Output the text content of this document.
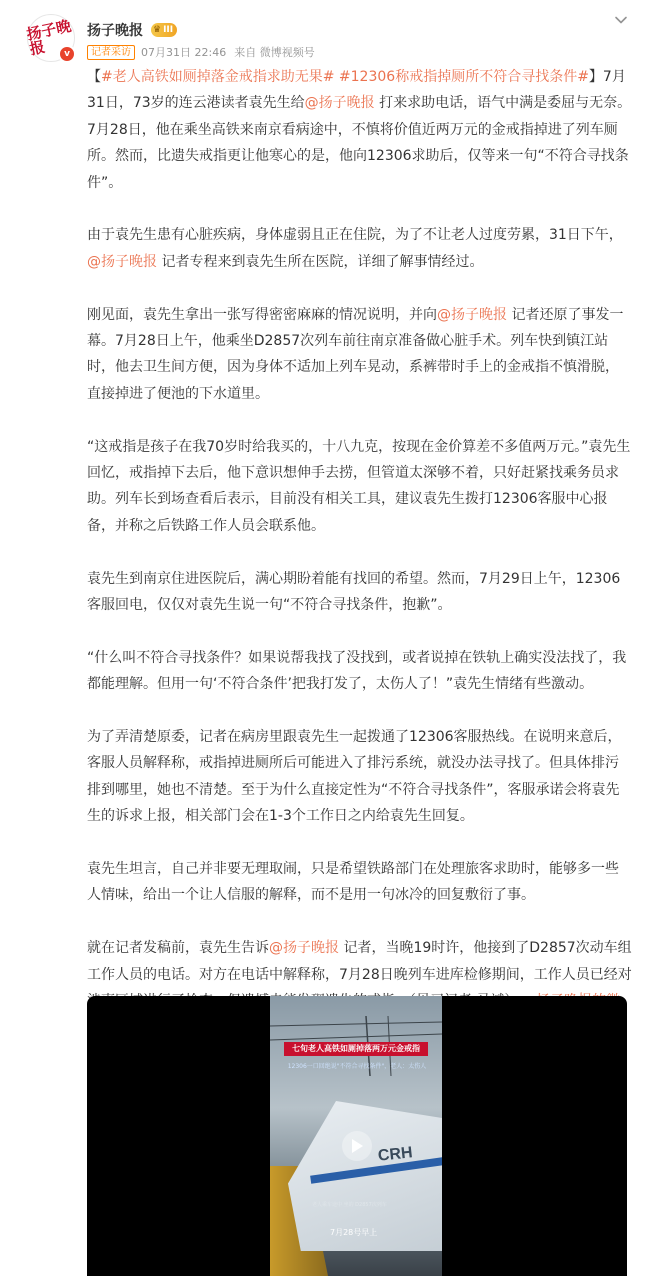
扬子晚报	v
扬子晚报 ♛ III
记者采访 07月31日 22:46 来自 微博视频号

【#老人高铁如厕掉落金戒指求助无果# #12306称戒指掉厕所不符合寻找条件#】7月31日，73岁的连云港读者袁先生给@扬子晚报 打来求助电话，语气中满是委屈与无奈。7月28日，他在乘坐高铁来南京看病途中，不慎将价值近两万元的金戒指掉进了列车厕所。然而，比遗失戒指更让他寒心的是，他向12306求助后，仅等来一句“不符合寻找条件”。

由于袁先生患有心脏疾病，身体虚弱且正在住院，为了不让老人过度劳累，31日下午，@扬子晚报 记者专程来到袁先生所在医院，详细了解事情经过。

刚见面，袁先生拿出一张写得密密麻麻的情况说明，并向@扬子晚报 记者还原了事发一幕。7月28日上午，他乘坐D2857次列车前往南京准备做心脏手术。列车快到镇江站时，他去卫生间方便，因为身体不适加上列车晃动，系裤带时手上的金戒指不慎滑脱，直接掉进了便池的下水道里。

“这戒指是孩子在我70岁时给我买的，十八九克，按现在金价算差不多值两万元。”袁先生回忆，戒指掉下去后，他下意识想伸手去捞，但管道太深够不着，只好赶紧找乘务员求助。列车长到场查看后表示，目前没有相关工具，建议袁先生拨打12306客服中心报备，并称之后铁路工作人员会联系他。

袁先生到南京住进医院后，满心期盼着能有找回的希望。然而，7月29日上午，12306客服回电，仅仅对袁先生说一句“不符合寻找条件，抱歉”。

“什么叫不符合寻找条件？如果说帮我找了没找到，或者说掉在铁轨上确实没法找了，我都能理解。但用一句‘不符合条件’把我打发了，太伤人了！”袁先生情绪有些激动。

为了弄清楚原委，记者在病房里跟袁先生一起拨通了12306客服热线。在说明来意后，客服人员解释称，戒指掉进厕所后可能进入了排污系统，就没办法寻找了。但具体排污排到哪里，她也不清楚。至于为什么直接定性为“不符合寻找条件”，客服承诺会将袁先生的诉求上报，相关部门会在1-3个工作日之内给袁先生回复。

袁先生坦言，自己并非要无理取闹，只是希望铁路部门在处理旅客求助时，能够多一些人情味，给出一个让人信服的解释，而不是用一句冰冷的回复敷衍了事。

就在记者发稿前，袁先生告诉@扬子晚报 记者，当晚19时许，他接到了D2857次动车组工作人员的电话。对方在电话中解释称，7月28日晚列车进库检修期间，工作人员已经对

CRH
七旬老人高铁如厕掉落两万元金戒指
12306一口回绝说"不符合寻找条件"，老人：太伤人
老人乘车途中 坐的 D2857次列车
7月28号早上
